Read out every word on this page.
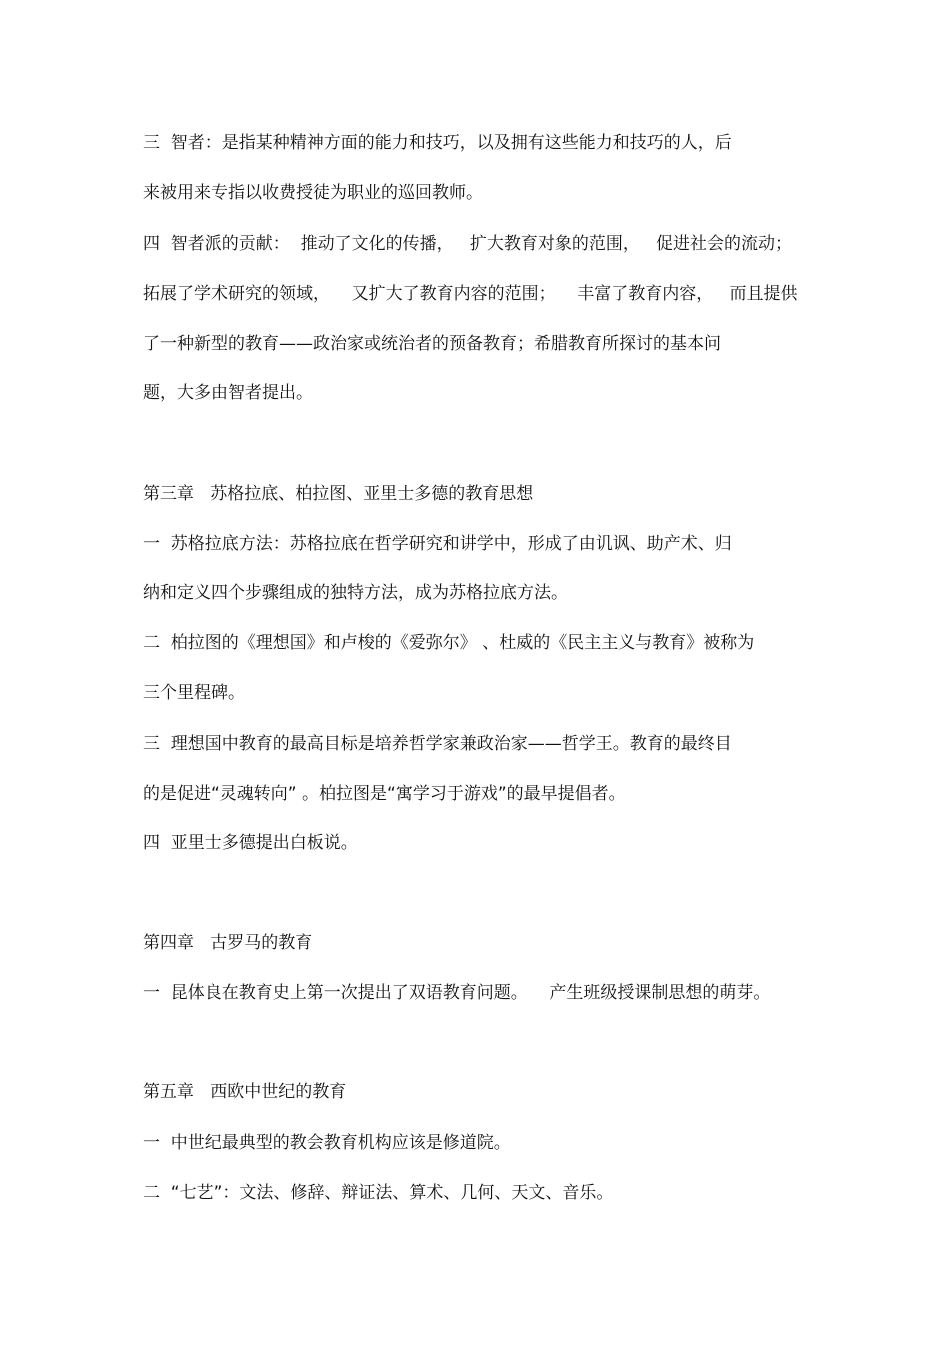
三  智者：是指某种精神方面的能力和技巧，以及拥有这些能力和技巧的人，后
来被用来专指以收费授徒为职业的巡回教师。
四  智者派的贡献：  推动了文化的传播，   扩大教育对象的范围，   促进社会的流动；
拓展了学术研究的领域，    又扩大了教育内容的范围；    丰富了教育内容，   而且提供
了一种新型的教育——政治家或统治者的预备教育；希腊教育所探讨的基本问
题，大多由智者提出。
第三章   苏格拉底、柏拉图、亚里士多德的教育思想
一  苏格拉底方法：苏格拉底在哲学研究和讲学中，形成了由讥讽、助产术、归
纳和定义四个步骤组成的独特方法，成为苏格拉底方法。
二  柏拉图的《理想国》和卢梭的《爱弥尔》 、杜威的《民主主义与教育》被称为
三个里程碑。
三  理想国中教育的最高目标是培养哲学家兼政治家——哲学王。教育的最终目
的是促进“灵魂转向” 。柏拉图是“寓学习于游戏”的最早提倡者。
四  亚里士多德提出白板说。
第四章   古罗马的教育
一  昆体良在教育史上第一次提出了双语教育问题。    产生班级授课制思想的萌芽。
第五章   西欧中世纪的教育
一  中世纪最典型的教会教育机构应该是修道院。
二  “七艺”：文法、修辞、辩证法、算术、几何、天文、音乐。
